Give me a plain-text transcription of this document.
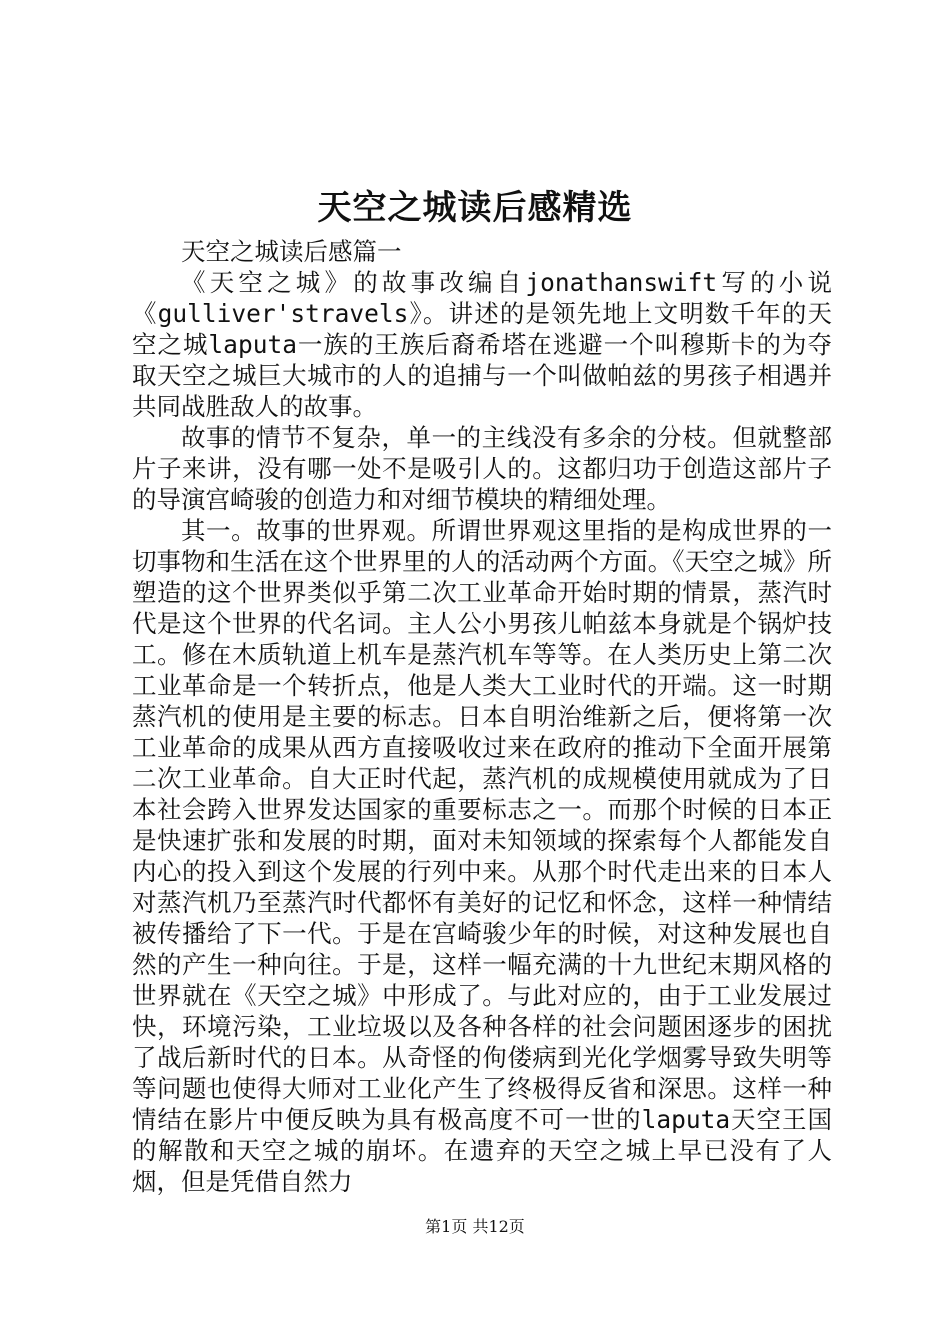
天空之城读后感精选

天空之城读后感篇一

《天空之城》的故事改编自jonathanswift写的小说《gulliver'stravels》。讲述的是领先地上文明数千年的天空之城laputa一族的王族后裔希塔在逃避一个叫穆斯卡的为夺取天空之城巨大城市的人的追捕与一个叫做帕兹的男孩子相遇并共同战胜敌人的故事。

故事的情节不复杂，单一的主线没有多余的分枝。但就整部片子来讲，没有哪一处不是吸引人的。这都归功于创造这部片子的导演宫崎骏的创造力和对细节模块的精细处理。

其一。故事的世界观。所谓世界观这里指的是构成世界的一切事物和生活在这个世界里的人的活动两个方面。《天空之城》所塑造的这个世界类似乎第二次工业革命开始时期的情景，蒸汽时代是这个世界的代名词。主人公小男孩儿帕兹本身就是个锅炉技工。修在木质轨道上机车是蒸汽机车等等。在人类历史上第二次工业革命是一个转折点，他是人类大工业时代的开端。这一时期蒸汽机的使用是主要的标志。日本自明治维新之后，便将第一次工业革命的成果从西方直接吸收过来在政府的推动下全面开展第二次工业革命。自大正时代起，蒸汽机的成规模使用就成为了日本社会跨入世界发达国家的重要标志之一。而那个时候的日本正是快速扩张和发展的时期，面对未知领域的探索每个人都能发自内心的投入到这个发展的行列中来。从那个时代走出来的日本人对蒸汽机乃至蒸汽时代都怀有美好的记忆和怀念，这样一种情结被传播给了下一代。于是在宫崎骏少年的时候，对这种发展也自然的产生一种向往。于是，这样一幅充满的十九世纪末期风格的世界就在《天空之城》中形成了。与此对应的，由于工业发展过快，环境污染，工业垃圾以及各种各样的社会问题困逐步的困扰了战后新时代的日本。从奇怪的佝偻病到光化学烟雾导致失明等等问题也使得大师对工业化产生了终极得反省和深思。这样一种情结在影片中便反映为具有极高度不可一世的laputa天空王国的解散和天空之城的崩坏。在遗弃的天空之城上早已没有了人烟，但是凭借自然力

第1页 共12页
